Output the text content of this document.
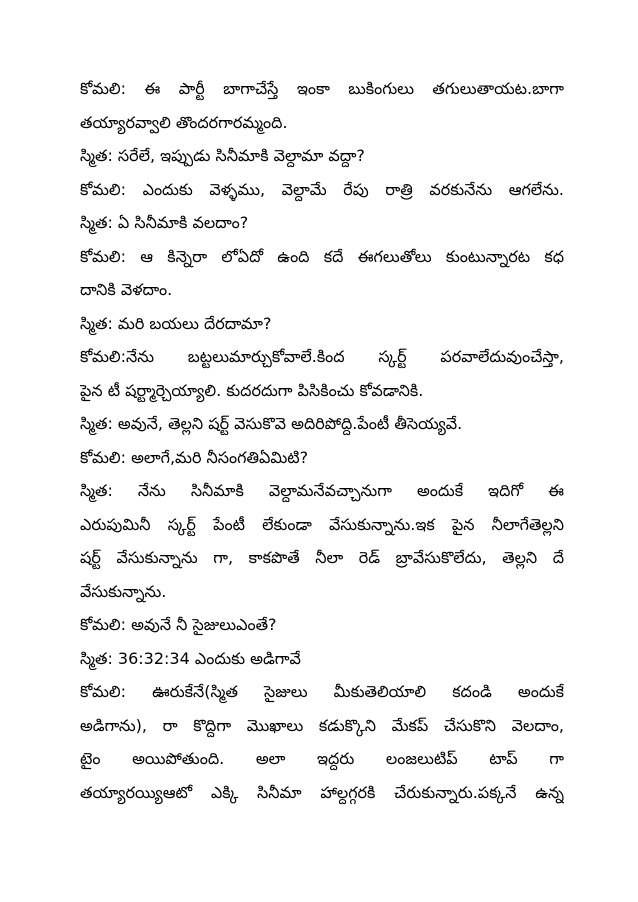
కోమలి: ఈ పార్టీ బాగాచేస్తే ఇంకా బుకింగులు తగులుతాయట.బాగా
తయ్యారవ్వాలి తొందరగారమ్మంది.
స్మిత: సరేలే, ఇప్పుడు సినీమాకి వెల్దామా వద్దా?
కోమలి: ఎందుకు వెళ్ళము, వెల్దామే రేపు రాత్రి వరకునేను ఆగలేను.
స్మిత: ఏ సినీమాకి వలదాం?
కోమలి: ఆ కిన్నెరా లోఏదో ఉంది కదే ఈగలుతోలు కుంటున్నారట కధ
దానికి వెళదాం.
స్మిత: మరి బయలు దేరదామా?
కోమలి:నేను బట్టలుమార్చుకోవాలే.కింద స్కర్ట్ పరవాలేదువుంచేస్తా,
పైన టీ షర్ట్మార్చెయ్యాలి. కుదరదుగా పిసికించు కోవడానికి.
స్మిత: అవునే, తెల్లని షర్ట్ వెసుకొవె అదిరిపోద్ది.పేంటీ తీసెయ్యవే.
కోమలి: అలాగే,మరి నీసంగతిఏమిటి?
స్మిత: నేను సినీమాకి వెల్దామనేవచ్చానుగా అందుకే ఇదిగో ఈ
ఎరుపుమినీ స్కర్ట్ పేంటీ లేకుండా వేసుకున్నాను.ఇక పైన నీలాగేతెల్లని
షర్ట్ వేసుకున్నాను గా, కాకపొతే నీలా రెడ్ బ్రావేసుకొలేదు, తెల్లని దే
వేసుకున్నాను.
కోమలి: అవునే నీ సైజులుఎంతే?
స్మిత: 36:32:34 ఎందుకు అడిగావే
కోమలి: ఊరుకేనే(స్మిత సైజులు మీకుతెలియాలి కదండి అందుకే
అడిగాను), రా కొద్దిగా మొఖాలు కడుక్కొని మేకప్ చేసుకొని వెలదాం,
టైం అయిపోతుంది. అలా ఇద్దరు లంజలుటిప్ టాప్ గా
తయ్యారయ్యిఆటో ఎక్కి సినీమా హాల్దగ్గరకి చేరుకున్నారు.పక్కనే ఉన్న
